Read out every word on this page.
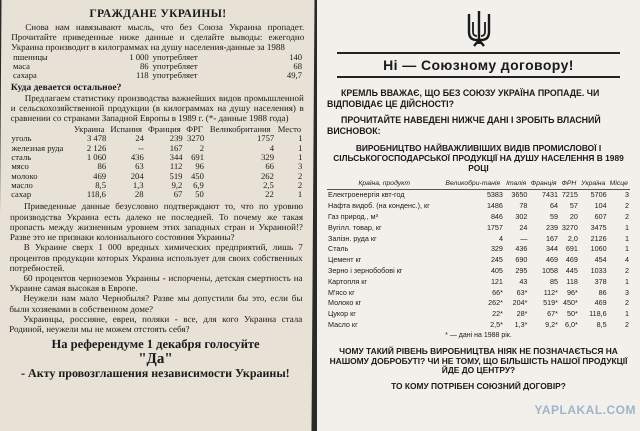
ГРАЖДАНЕ УКРАИНЫ!

Снова нам навязывают мысль, что без Союза Украина пропадет. Прочитайте приведенные ниже данные и сделайте выводы: ежегодно Украина производит в килограммах на душу населения-данные за 1988

пшеницы	1 000	употребляет	140
маса	86	употребляет	68
сахара	118	употребляет	49,7

Куда девается остальное?

Предлагаем статистику производства важнейших видов промышленной и сельскохозяйственной продукции (в килограммах на душу населения) в сравнении со странами Западной Европы в 1989 г. (*- данные 1988 года)

	Украина	Испания	Франция	ФРГ	Великобритания	Место
уголь	3 478	24	239	3270	1757	1
железная руда	2 126	--	167	2	4	1
сталь	1 060	436	344	691	329	1
мясо	86	63	112	96	66	3
молоко	469	204	519	450	262	2
масло	8,5	1,3	9,2	6,9	2,5	2
сахар	118,6	28	67	50	22	1

Приведенные данные безусловно подтверждают то, что по уровню производства Украина есть далеко не последней. То почему же такая пропасть между жизненным уровнем этих западных стран и Украиной!? Разве это не признаки колониального состояния Украины?

В Украине сверх 1 000 вредных химических предприятий, лишь 7 процентов продукции которых Украина использует для своих собственных потребностей.

60 процентов черноземов Украины - испорчены, детская смертность на Украине самая высокая в Европе.

Неужели нам мало Чернобыля? Разве мы допустили бы это, если бы были хозяевами в собственном доме?

Украинцы, россияне, евреи, поляки - все, для кого Украина стала Родиной, неужели мы не можем отстоять себя?

На референдуме 1 декабря голосуйте

"Да"

- Акту провозглашения независимости Украины!

Ні — Союзному договору!

КРЕМЛЬ ВВАЖАЄ, ЩО БЕЗ СОЮЗУ УКРАЇНА ПРОПАДЕ. ЧИ ВІДПОВІДАЄ ЦЕ ДІЙСНОСТІ?

ПРОЧИТАЙТЕ НАВЕДЕНІ НИЖЧЕ ДАНІ І ЗРОБІТЬ ВЛАСНИЙ ВИСНОВОК:

ВИРОБНИЦТВО НАЙВАЖЛИВІШИХ ВИДІВ ПРОМИСЛОВОЇ І СІЛЬСЬКОГОСПОДАРСЬКОЇ ПРОДУКЦІЇ НА ДУШУ НАСЕЛЕННЯ В 1989 РОЦІ

Країна, продукт	Великобри-танія	Італія	Франція	ФРН	Україна	Місце
Електроенергія квт-год	5383	3650	7431	7215	5706	3
Нафта видоб. (на конденс.), кг	1486	78	64	57	104	2
Газ природ., м³	846	302	59	20	607	2
Вугілл. товар, кг	1757	24	239	3270	3475	1
Залізн. руда кг	4	—	167	2,0	2126	1
Сталь	329	436	344	691	1060	1
Цемент кг	245	690	469	469	454	4
Зерно і зернобобові кг	405	295	1058	445	1033	2
Картопля кг	121	43	85	118	378	1
М'ясо кг	66*	63*	112*	96*	86	3
Молоко кг	262*	204*	519*	450*	469	2
Цукор кг	22*	28*	67*	50*	118,6	1
Масло кг	2,5*	1,3*	9,2*	6,0*	8,5	2

* — дані на 1988 рік.

ЧОМУ ТАКИЙ РІВЕНЬ ВИРОБНИЦТВА НІЯК НЕ ПОЗНАЧАЄТЬСЯ НА НАШОМУ ДОБРОБУТІ? ЧИ НЕ ТОМУ, ЩО БІЛЬШІСТЬ НАШОЇ ПРОДУКЦІЇ ЙДЕ ДО ЦЕНТРУ?

ТО КОМУ ПОТРІБЕН СОЮЗНИЙ ДОГОВІР?

YAPLAKAL.COM
